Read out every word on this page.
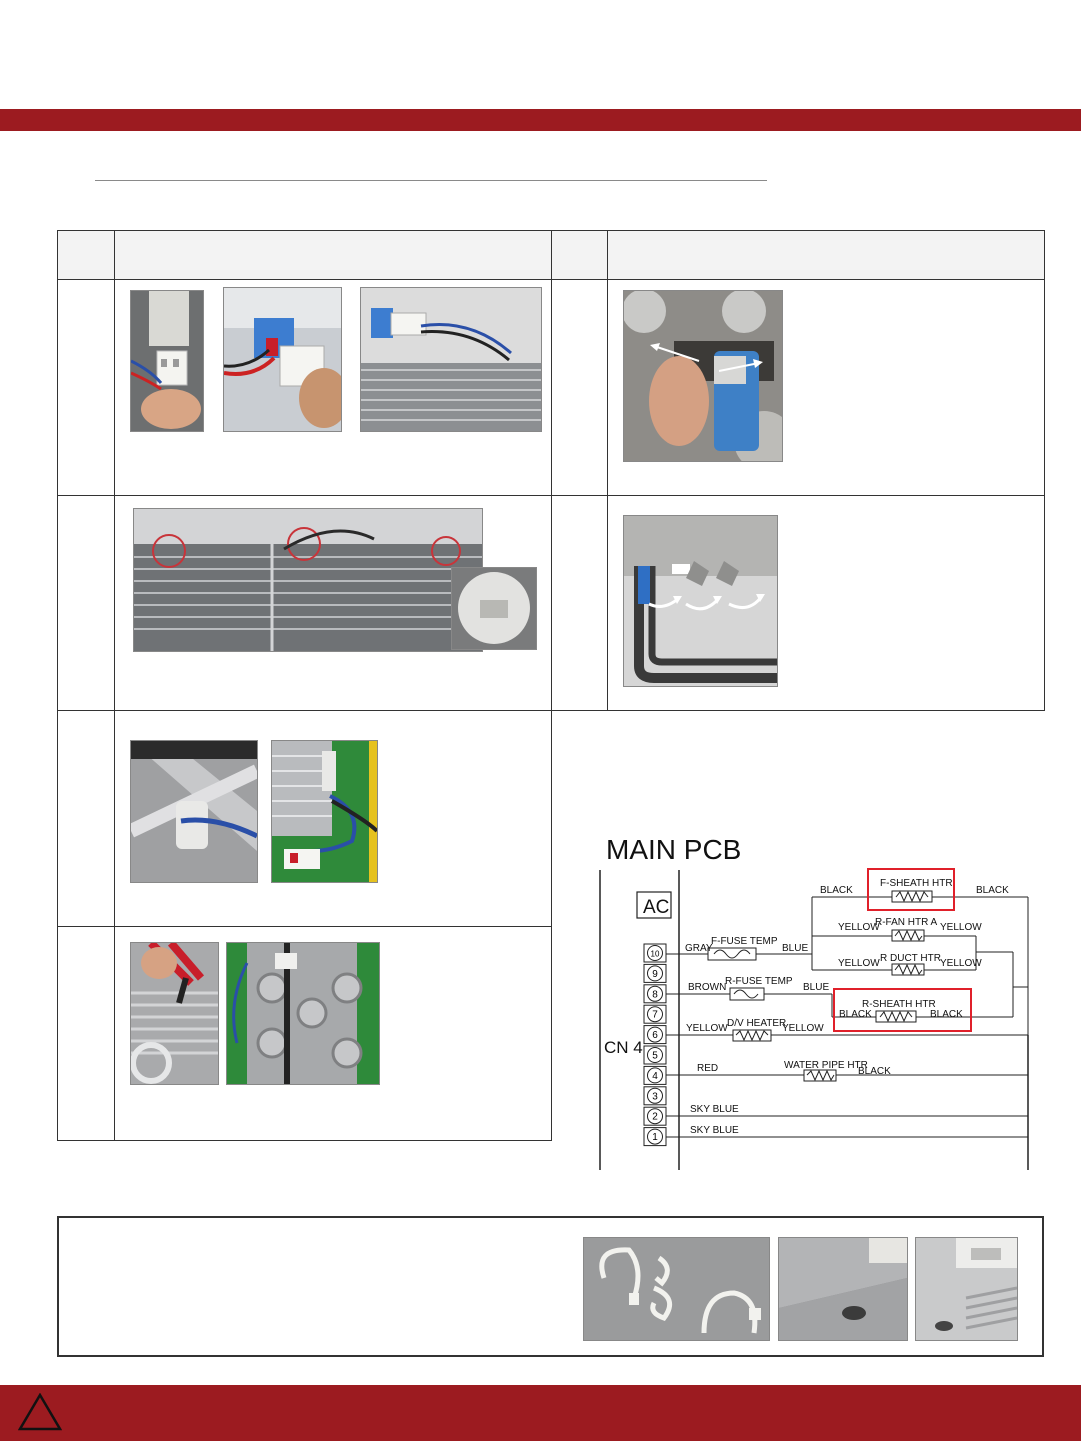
MAIN PCB
AC
CN 4
10
9
8
7
6
5
4
3
2
1
GRAY
F-FUSE TEMP
BLUE
BLACK	BLACK
F-SHEATH HTR
YELLOW
R-FAN HTR A YELLOW
YELLOW R DUCT HTR YELLOW
BROWN
R-FUSE TEMP
BLUE
R-SHEATH HTR
BLACK	BLACK
YELLOW D/V HEATER
YELLOW
RED	WATER PIPE HTR
BLACK
SKY BLUE
SKY BLUE
